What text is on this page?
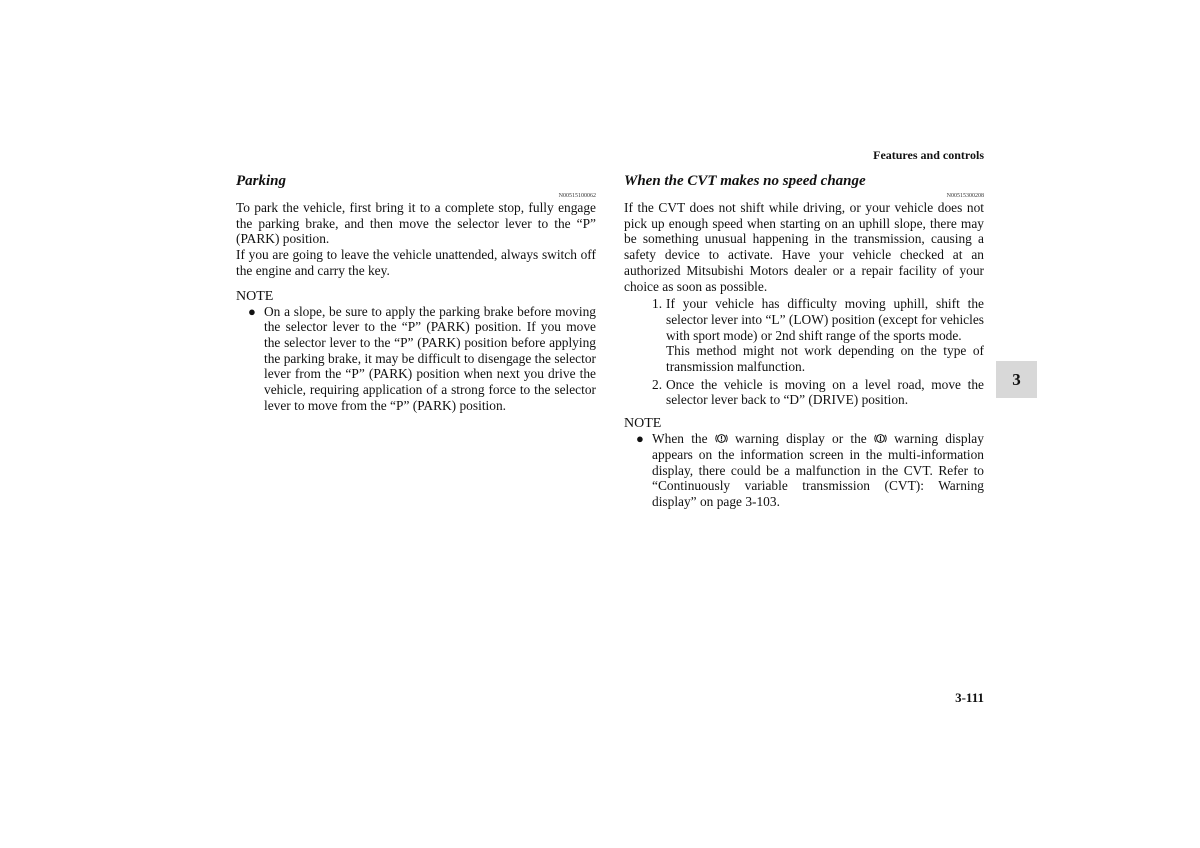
Features and controls
Parking
N00515100062

To park the vehicle, first bring it to a complete stop, fully engage the parking brake, and then move the selector lever to the “P” (PARK) position.

If you are going to leave the vehicle unattended, always switch off the engine and carry the key.

NOTE
● On a slope, be sure to apply the parking brake before moving the selector lever to the “P” (PARK) position. If you move the selector lever to the “P” (PARK) position before applying the parking brake, it may be difficult to disengage the selector lever from the “P” (PARK) position when next you drive the vehicle, requiring application of a strong force to the selector lever to move from the “P” (PARK) position.
When the CVT makes no speed change
N00515300208

If the CVT does not shift while driving, or your vehicle does not pick up enough speed when starting on an uphill slope, there may be something unusual happening in the transmission, causing a safety device to activate. Have your vehicle checked at an authorized Mitsubishi Motors dealer or a repair facility of your choice as soon as possible.

1. If your vehicle has difficulty moving uphill, shift the selector lever into “L” (LOW) position (except for vehicles with sport mode) or 2nd shift range of the sports mode.
This method might not work depending on the type of transmission malfunction.
2. Once the vehicle is moving on a level road, move the selector lever back to “D” (DRIVE) position.
NOTE
● When the warning display or the warning display appears on the information screen in the multi-information display, there could be a malfunction in the CVT. Refer to “Continuously variable transmission (CVT): Warning display” on page 3-103.
3
3-111
